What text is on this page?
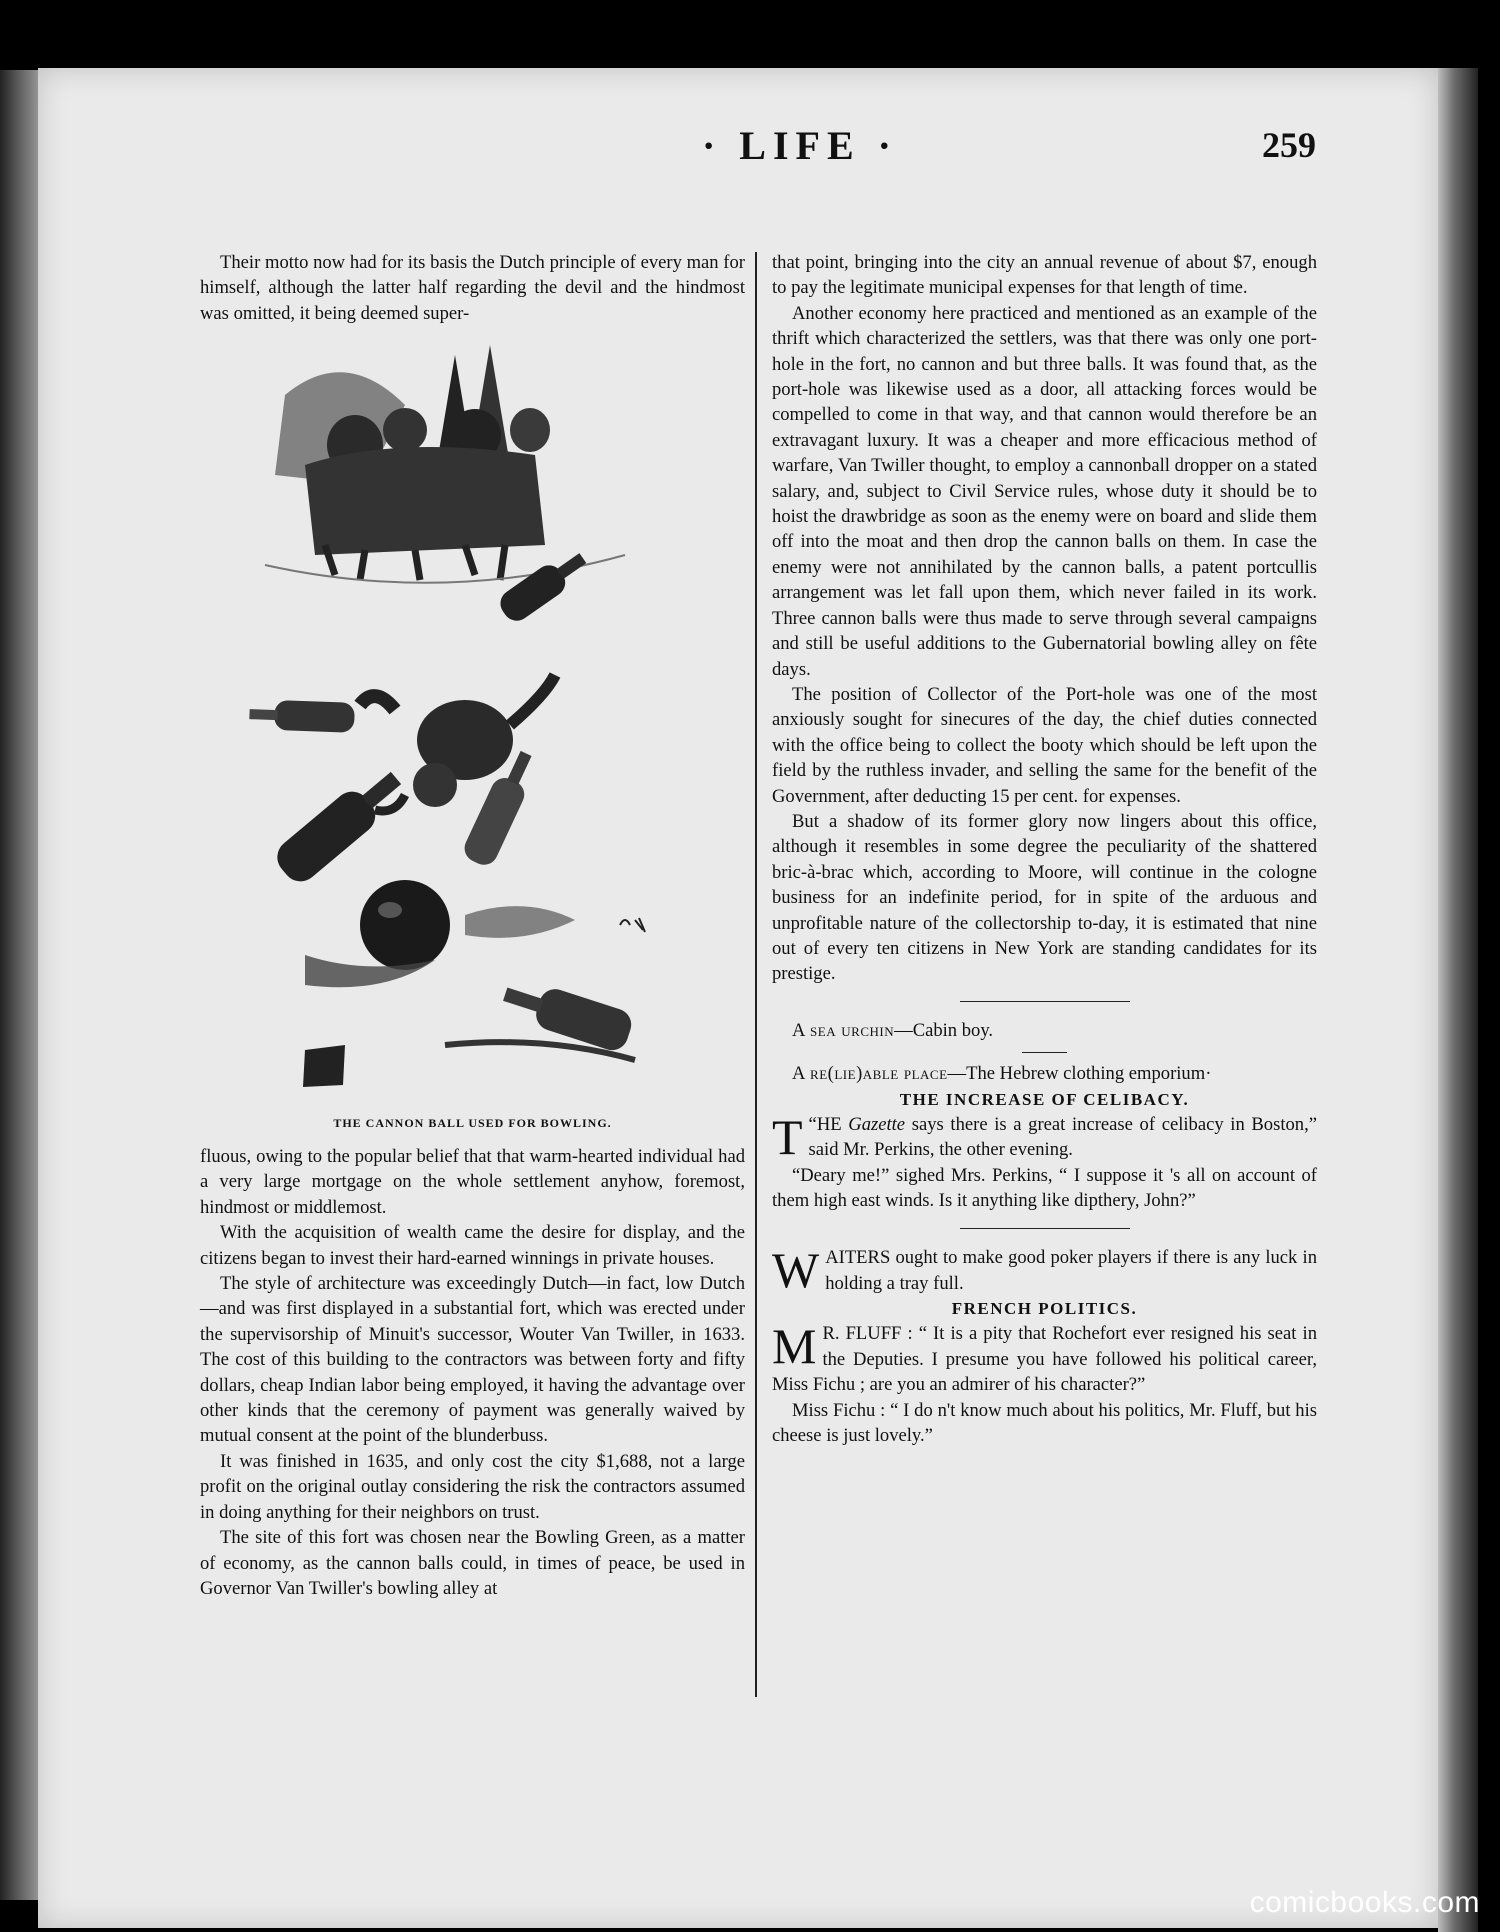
· LIFE ·	259

Their motto now had for its basis the Dutch principle of every man for himself, although the latter half regarding the devil and the hindmost was omitted, it being deemed super-

THE CANNON BALL USED FOR BOWLING.

fluous, owing to the popular belief that that warm-hearted individual had a very large mortgage on the whole settlement anyhow, foremost, hindmost or middlemost.

With the acquisition of wealth came the desire for display, and the citizens began to invest their hard-earned winnings in private houses.

The style of architecture was exceedingly Dutch—in fact, low Dutch—and was first displayed in a substantial fort, which was erected under the supervisorship of Minuit's successor, Wouter Van Twiller, in 1633. The cost of this building to the contractors was between forty and fifty dollars, cheap Indian labor being employed, it having the advantage over other kinds that the ceremony of payment was generally waived by mutual consent at the point of the blunderbuss.

It was finished in 1635, and only cost the city $1,688, not a large profit on the original outlay considering the risk the contractors assumed in doing anything for their neighbors on trust.

The site of this fort was chosen near the Bowling Green, as a matter of economy, as the cannon balls could, in times of peace, be used in Governor Van Twiller's bowling alley at

that point, bringing into the city an annual revenue of about $7, enough to pay the legitimate municipal expenses for that length of time.

Another economy here practiced and mentioned as an example of the thrift which characterized the settlers, was that there was only one port-hole in the fort, no cannon and but three balls. It was found that, as the port-hole was likewise used as a door, all attacking forces would be compelled to come in that way, and that cannon would therefore be an extravagant luxury. It was a cheaper and more efficacious method of warfare, Van Twiller thought, to employ a cannonball dropper on a stated salary, and, subject to Civil Service rules, whose duty it should be to hoist the drawbridge as soon as the enemy were on board and slide them off into the moat and then drop the cannon balls on them. In case the enemy were not annihilated by the cannon balls, a patent portcullis arrangement was let fall upon them, which never failed in its work. Three cannon balls were thus made to serve through several campaigns and still be useful additions to the Gubernatorial bowling alley on fête days.

The position of Collector of the Port-hole was one of the most anxiously sought for sinecures of the day, the chief duties connected with the office being to collect the booty which should be left upon the field by the ruthless invader, and selling the same for the benefit of the Government, after deducting 15 per cent. for expenses.

But a shadow of its former glory now lingers about this office, although it resembles in some degree the peculiarity of the shattered bric-à-brac which, according to Moore, will continue in the cologne business for an indefinite period, for in spite of the arduous and unprofitable nature of the collectorship to-day, it is estimated that nine out of every ten citizens in New York are standing candidates for its prestige.

A sea urchin—Cabin boy.

A re(lie)able place—The Hebrew clothing emporium·

THE INCREASE OF CELIBACY.

“
T HE Gazette says there is a great increase of celibacy in Boston,” said Mr. Perkins, the other evening.

“Deary me!” sighed Mrs. Perkins, “ I suppose it 's all on account of them high east winds. Is it anything like dipthery, John?”

WAITERS ought to make good poker players if there is any luck in holding a tray full.

FRENCH POLITICS.

M R. FLUFF : “ It is a pity that Rochefort ever resigned his seat in the Deputies. I presume you have followed his political career, Miss Fichu ; are you an admirer of his character?”

Miss Fichu : “ I do n't know much about his politics, Mr. Fluff, but his cheese is just lovely.”

comicbooks.com
